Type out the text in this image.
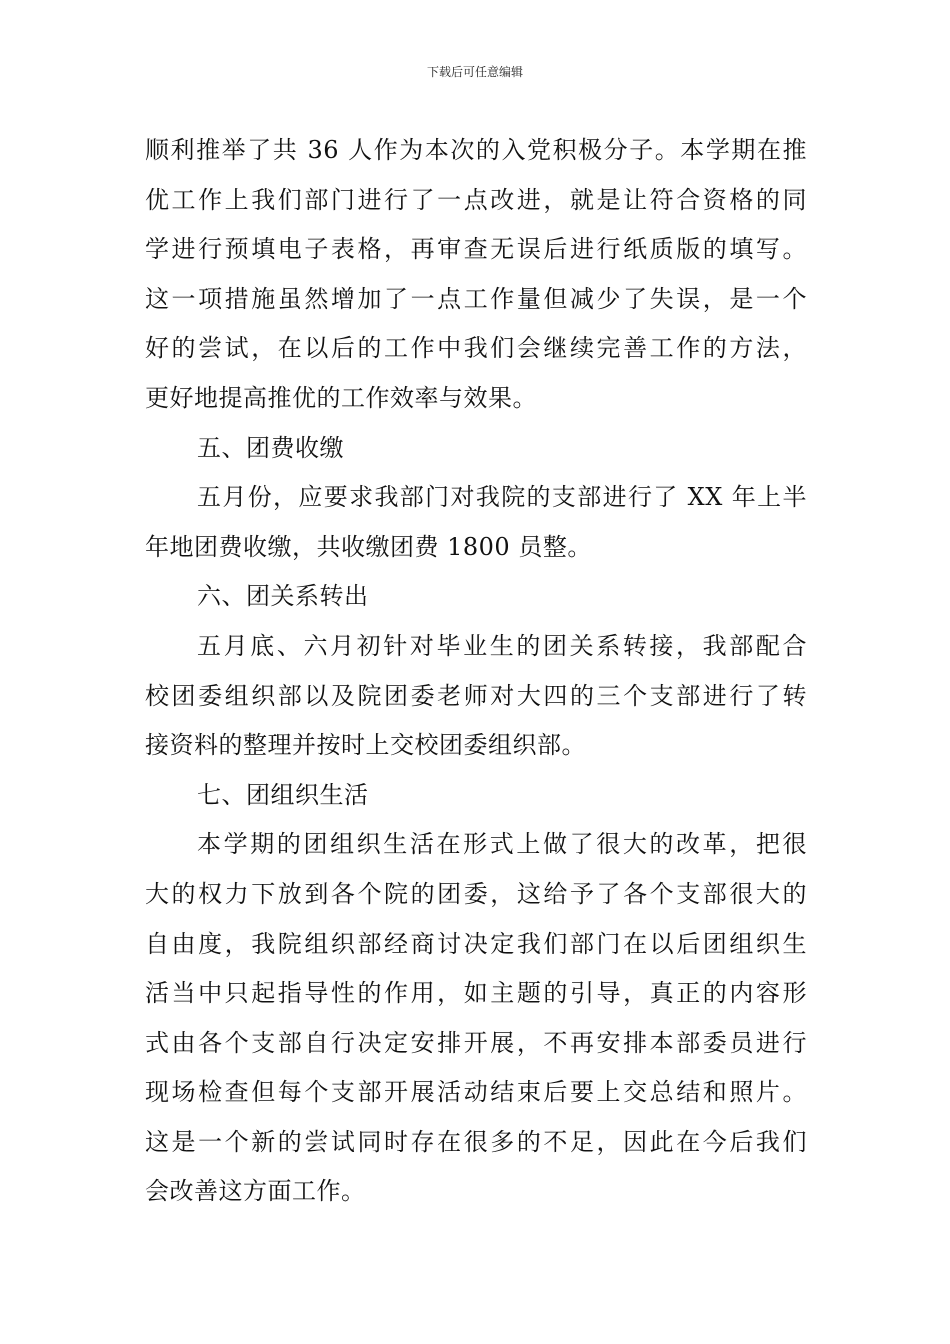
下载后可任意编辑
顺利推举了共 36 人作为本次的入党积极分子。本学期在推
优工作上我们部门进行了一点改进，就是让符合资格的同
学进行预填电子表格，再审查无误后进行纸质版的填写。
这一项措施虽然增加了一点工作量但减少了失误，是一个
好的尝试，在以后的工作中我们会继续完善工作的方法，
更好地提高推优的工作效率与效果。
五、团费收缴
五月份，应要求我部门对我院的支部进行了 XX 年上半
年地团费收缴，共收缴团费 1800 员整。
六、团关系转出
五月底、六月初针对毕业生的团关系转接，我部配合
校团委组织部以及院团委老师对大四的三个支部进行了转
接资料的整理并按时上交校团委组织部。
七、团组织生活
本学期的团组织生活在形式上做了很大的改革，把很
大的权力下放到各个院的团委，这给予了各个支部很大的
自由度，我院组织部经商讨决定我们部门在以后团组织生
活当中只起指导性的作用，如主题的引导，真正的内容形
式由各个支部自行决定安排开展，不再安排本部委员进行
现场检查但每个支部开展活动结束后要上交总结和照片。
这是一个新的尝试同时存在很多的不足，因此在今后我们
会改善这方面工作。
